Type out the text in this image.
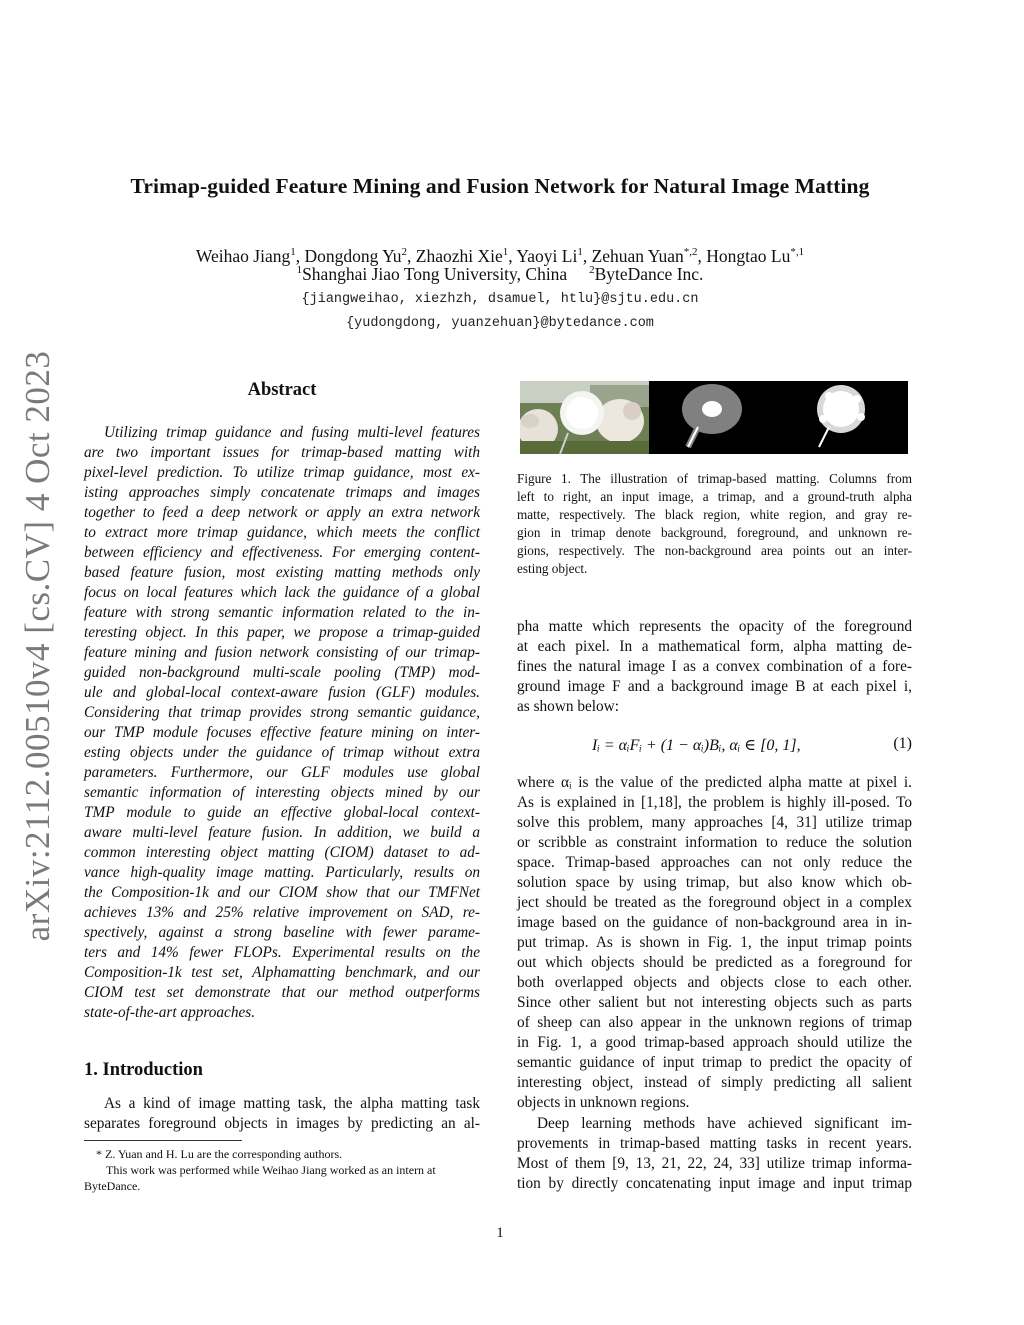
Trimap-guided Feature Mining and Fusion Network for Natural Image Matting
Weihao Jiang$^1$, Dongdong Yu$^2$, Zhaozhi Xie$^1$, Yaoyi Li$^1$, Zehuan Yuan$^{*,2}$, Hongtao $Lu^{*,1}$
$^1$Shanghai Jiao Tong University, China $^2$ByteDance Inc.
{jiangweihao, xiezhzh, dsamuel, htlu}@sjtu.edu.cn
{yudongdong, yuanzehuan}@bytedance.com
arXiv:2112.00510v4 [cs.CV] 4 Oct 2023	Abstract
Utilizing trimap guidance and fusing multi-level features
are two important issues for trimap-based matting with
pixel-level prediction. To utilize trimap guidance, most ex-
isting approaches simply concatenate trimaps and images
together to feed a deep network or apply an extra network
to extract more trimap guidance, which meets the conflict
between efficiency and effectiveness. For emerging content-
based feature fusion, most existing matting methods only
focus on local features which lack the guidance of a global
feature with strong semantic information related to the in-
teresting object. In this paper, we propose a trimap-guided
feature mining and fusion network consisting of our trimap-
guided non-background multi-scale pooling (TMP) mod-
ule and global-local context-aware fusion (GLF) modules.
Considering that trimap provides strong semantic guidance,
our TMP module focuses effective feature mining on inter-
esting objects under the guidance of trimap without extra
parameters. Furthermore, our GLF modules use global
semantic information of interesting objects mined by our
TMP module to guide an effective global-local context-
aware multi-level feature fusion. In addition, we build a
common interesting object matting (CIOM) dataset to ad-
vance high-quality image matting. Particularly, results on
the Composition-1k and our CIOM show that our TMFNet
achieves 13% and 25% relative improvement on SAD, re-
spectively, against a strong baseline with fewer parame-
ters and 14% fewer FLOPs. Experimental results on the
Composition-1k test set, Alphamatting benchmark, and our
CIOM test set demonstrate that our method outperforms
state-of-the-art approaches.
1. Introduction
As a kind of image matting task, the alpha matting task
separates foreground objects in images by predicting an al-
* Z. Yuan and H. Lu are the corresponding authors.
This work was performed while Weihao Jiang worked as an intern at
ByteDance.
Figure 1. The illustration of trimap-based matting. Columns from
left to right, an input image, a trimap, and a ground-truth alpha
matte, respectively. The black region, white region, and gray re-
gion in trimap denote background, foreground, and unknown re-
gions, respectively. The non-background area points out an inter-
esting object.
pha matte which represents the opacity of the foreground
at each pixel. In a mathematical form, alpha matting de-
fines the natural image I as a convex combination of a fore-
ground image F and a background image B at each pixel i,
as shown below:
Iᵢ = αᵢFᵢ + (1 − αᵢ)Bᵢ, αᵢ ∈ [0, 1],	(1)
where αᵢ is the value of the predicted alpha matte at pixel i.
As is explained in [1,18], the problem is highly ill-posed. To
solve this problem, many approaches [4, 31] utilize trimap
or scribble as constraint information to reduce the solution
space. Trimap-based approaches can not only reduce the
solution space by using trimap, but also know which ob-
ject should be treated as the foreground object in a complex
image based on the guidance of non-background area in in-
put trimap. As is shown in Fig. 1, the input trimap points
out which objects should be predicted as a foreground for
both overlapped objects and objects close to each other.
Since other salient but not interesting objects such as parts
of sheep can also appear in the unknown regions of trimap
in Fig. 1, a good trimap-based approach should utilize the
semantic guidance of input trimap to predict the opacity of
interesting object, instead of simply predicting all salient
objects in unknown regions.
Deep learning methods have achieved significant im-
provements in trimap-based matting tasks in recent years.
Most of them [9, 13, 21, 22, 24, 33] utilize trimap informa-
tion by directly concatenating input image and input trimap
1
